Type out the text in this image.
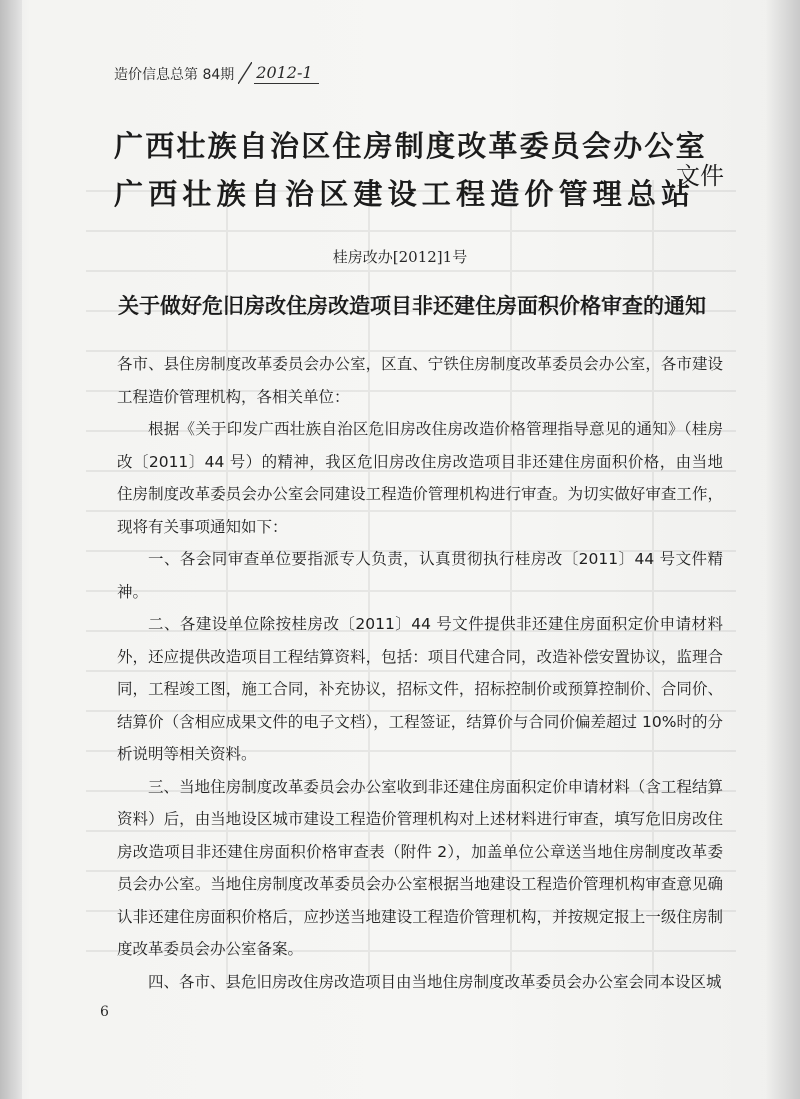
造价信息总第 84期 2012-1
广西壮族自治区住房制度改革委员会办公室
广西壮族自治区建设工程造价管理总站
文件
桂房改办[2012]1号
关于做好危旧房改住房改造项目非还建住房面积价格审查的通知

各市、县住房制度改革委员会办公室，区直、宁铁住房制度改革委员会办公室，各市建设工程造价管理机构，各相关单位：

根据《关于印发广西壮族自治区危旧房改住房改造价格管理指导意见的通知》（桂房改〔2011〕44 号）的精神，我区危旧房改住房改造项目非还建住房面积价格，由当地住房制度改革委员会办公室会同建设工程造价管理机构进行审查。为切实做好审查工作，现将有关事项通知如下：

一、各会同审查单位要指派专人负责，认真贯彻执行桂房改〔2011〕44 号文件精神。

二、各建设单位除按桂房改〔2011〕44 号文件提供非还建住房面积定价申请材料外，还应提供改造项目工程结算资料，包括：项目代建合同，改造补偿安置协议，监理合同，工程竣工图，施工合同，补充协议，招标文件，招标控制价或预算控制价、合同价、结算价（含相应成果文件的电子文档），工程签证，结算价与合同价偏差超过 10%时的分析说明等相关资料。

三、当地住房制度改革委员会办公室收到非还建住房面积定价申请材料（含工程结算资料）后，由当地设区城市建设工程造价管理机构对上述材料进行审查，填写危旧房改住房改造项目非还建住房面积价格审查表（附件 2），加盖单位公章送当地住房制度改革委员会办公室。当地住房制度改革委员会办公室根据当地建设工程造价管理机构审查意见确认非还建住房面积价格后，应抄送当地建设工程造价管理机构，并按规定报上一级住房制度改革委员会办公室备案。

四、各市、县危旧房改住房改造项目由当地住房制度改革委员会办公室会同本设区城

6
